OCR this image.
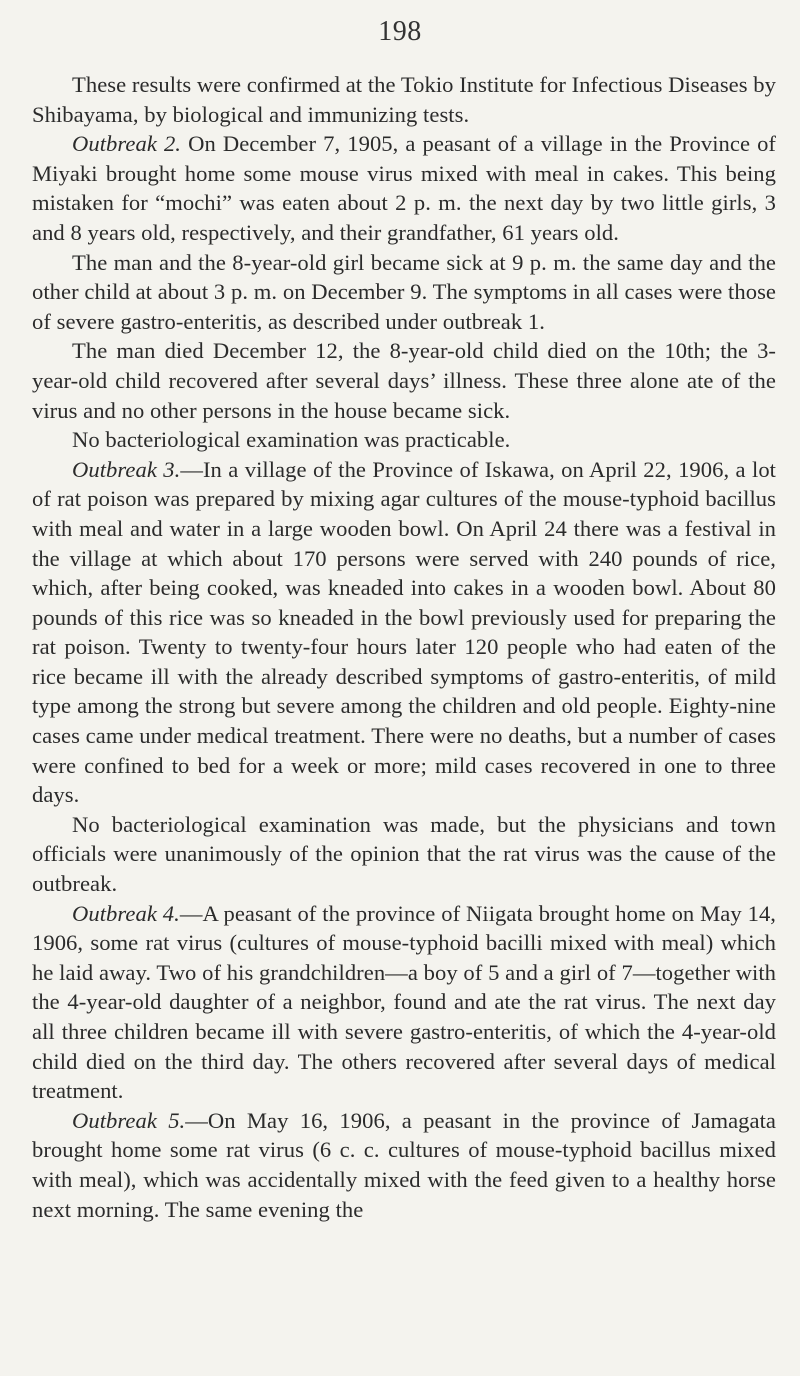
198

These results were confirmed at the Tokio Institute for Infectious Diseases by Shibayama, by biological and immunizing tests.

Outbreak 2. On December 7, 1905, a peasant of a village in the Province of Miyaki brought home some mouse virus mixed with meal in cakes. This being mistaken for “mochi” was eaten about 2 p. m. the next day by two little girls, 3 and 8 years old, respectively, and their grandfather, 61 years old.

The man and the 8-year-old girl became sick at 9 p. m. the same day and the other child at about 3 p. m. on December 9. The symptoms in all cases were those of severe gastro-enteritis, as described under outbreak 1.

The man died December 12, the 8-year-old child died on the 10th; the 3-year-old child recovered after several days’ illness. These three alone ate of the virus and no other persons in the house became sick.

No bacteriological examination was practicable.

Outbreak 3.—In a village of the Province of Iskawa, on April 22, 1906, a lot of rat poison was prepared by mixing agar cultures of the mouse-typhoid bacillus with meal and water in a large wooden bowl. On April 24 there was a festival in the village at which about 170 persons were served with 240 pounds of rice, which, after being cooked, was kneaded into cakes in a wooden bowl. About 80 pounds of this rice was so kneaded in the bowl previously used for preparing the rat poison. Twenty to twenty-four hours later 120 people who had eaten of the rice became ill with the already described symptoms of gastro-enteritis, of mild type among the strong but severe among the children and old people. Eighty-nine cases came under medical treatment. There were no deaths, but a number of cases were confined to bed for a week or more; mild cases recovered in one to three days.

No bacteriological examination was made, but the physicians and town officials were unanimously of the opinion that the rat virus was the cause of the outbreak.

Outbreak 4.—A peasant of the province of Niigata brought home on May 14, 1906, some rat virus (cultures of mouse-typhoid bacilli mixed with meal) which he laid away. Two of his grandchildren—a boy of 5 and a girl of 7—together with the 4-year-old daughter of a neighbor, found and ate the rat virus. The next day all three children became ill with severe gastro-enteritis, of which the 4-year-old child died on the third day. The others recovered after several days of medical treatment.

Outbreak 5.—On May 16, 1906, a peasant in the province of Jamagata brought home some rat virus (6 c. c. cultures of mouse-typhoid bacillus mixed with meal), which was accidentally mixed with the feed given to a healthy horse next morning. The same evening the
